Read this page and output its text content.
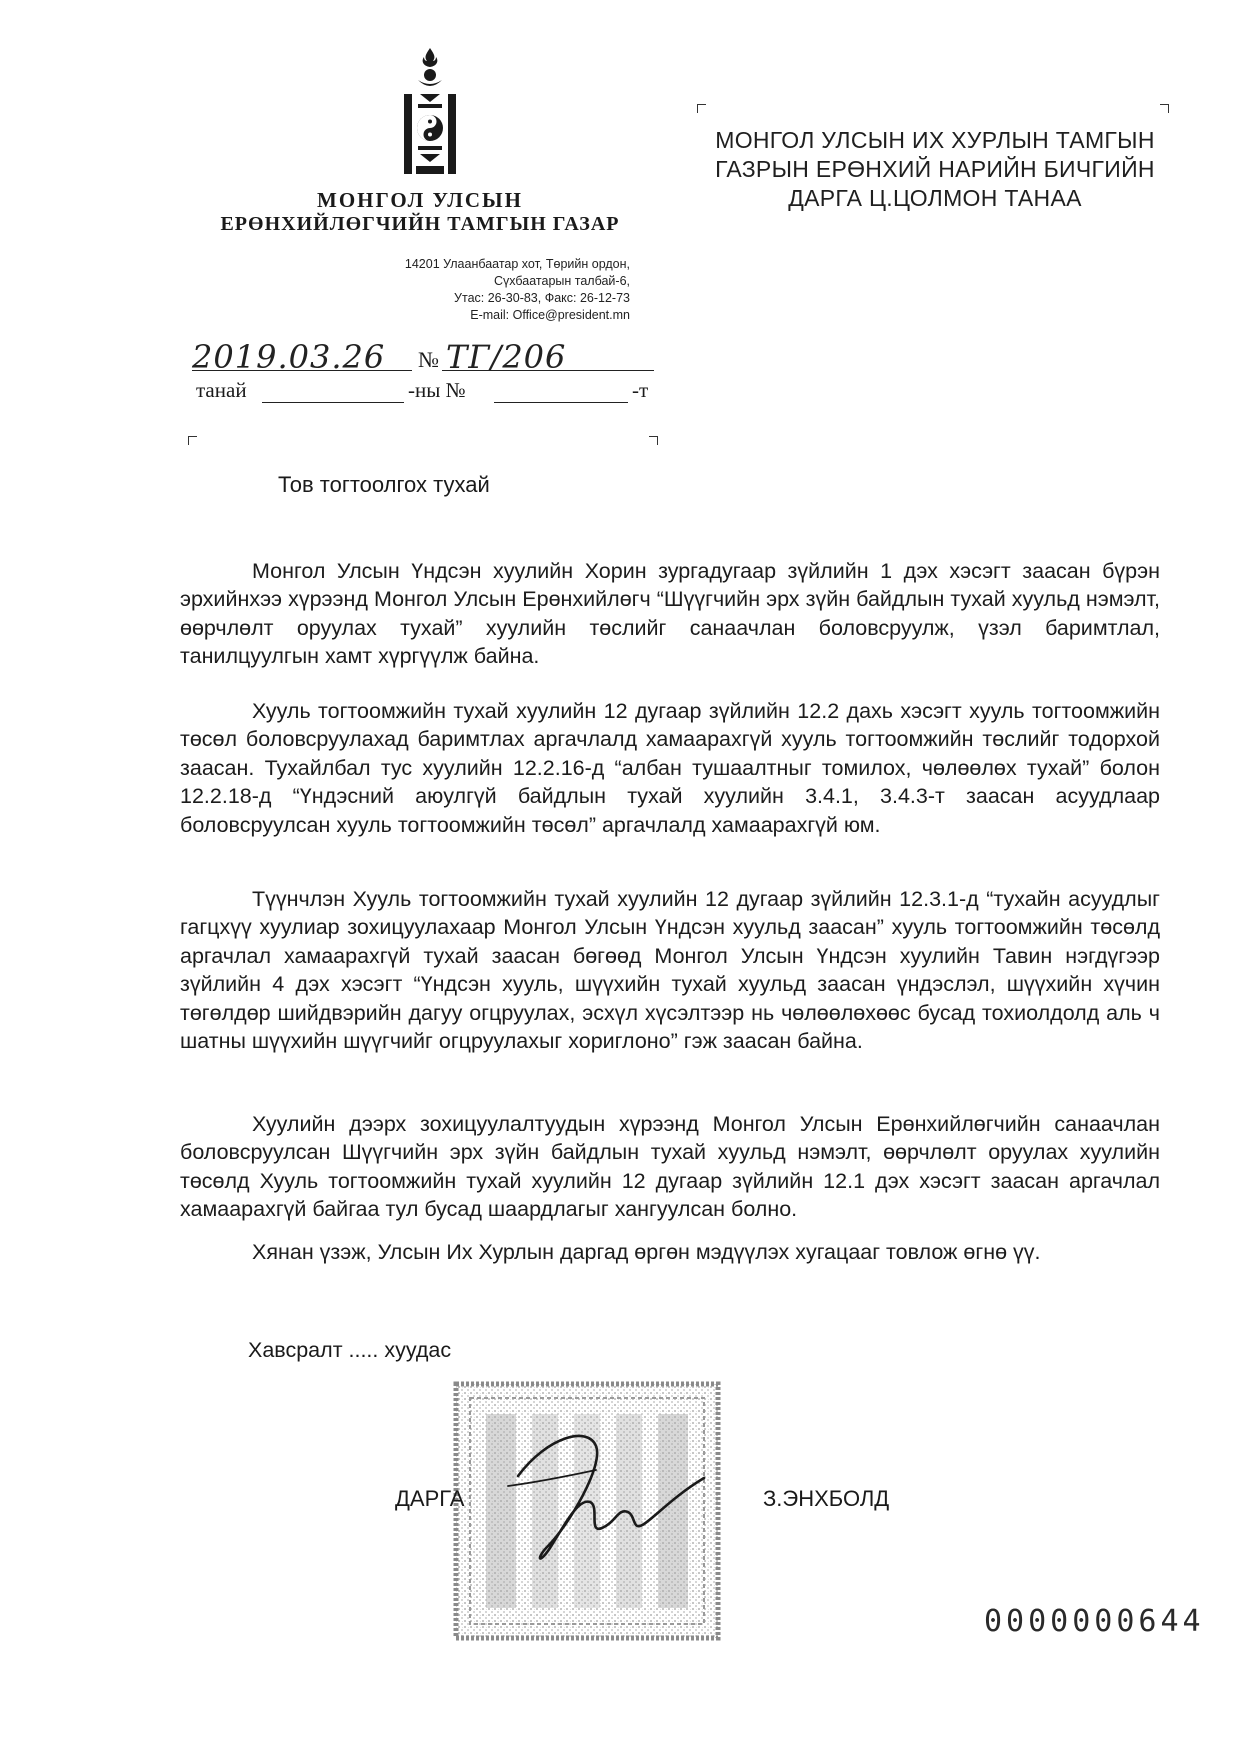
МОНГОЛ УЛСЫН
ЕРӨНХИЙЛӨГЧИЙН ТАМГЫН ГАЗАР
14201 Улаанбаатар хот, Төрийн ордон,
Сүхбаатарын талбай-6,
Утас: 26-30-83, Факс: 26-12-73
E-mail: Office@president.mn
2019.03.26 № ТГ/206
танай	-ны №	-т
МОНГОЛ УЛСЫН ИХ ХУРЛЫН ТАМГЫН
ГАЗРЫН ЕРӨНХИЙ НАРИЙН БИЧГИЙН
ДАРГА Ц.ЦОЛМОН ТАНАА
Тов тогтоолгох тухай
Монгол Улсын Үндсэн хуулийн Хорин зургадугаар зүйлийн 1 дэх хэсэгт заасан бүрэн эрхийнхээ хүрээнд Монгол Улсын Ерөнхийлөгч “Шүүгчийн эрх зүйн байдлын тухай хуульд нэмэлт, өөрчлөлт оруулах тухай” хуулийн төслийг санаачлан боловсруулж, үзэл баримтлал, танилцуулгын хамт хүргүүлж байна.
Хууль тогтоомжийн тухай хуулийн 12 дугаар зүйлийн 12.2 дахь хэсэгт хууль тогтоомжийн төсөл боловсруулахад баримтлах аргачлалд хамаарахгүй хууль тогтоомжийн төслийг тодорхой заасан. Тухайлбал тус хуулийн 12.2.16-д “албан тушаалтныг томилох, чөлөөлөх тухай” болон 12.2.18-д “Үндэсний аюулгүй байдлын тухай хуулийн 3.4.1, 3.4.3-т заасан асуудлаар боловсруулсан хууль тогтоомжийн төсөл” аргачлалд хамаарахгүй юм.
Түүнчлэн Хууль тогтоомжийн тухай хуулийн 12 дугаар зүйлийн 12.3.1-д “тухайн асуудлыг гагцхүү хуулиар зохицуулахаар Монгол Улсын Үндсэн хуульд заасан” хууль тогтоомжийн төсөлд аргачлал хамаарахгүй тухай заасан бөгөөд Монгол Улсын Үндсэн хуулийн Тавин нэгдүгээр зүйлийн 4 дэх хэсэгт “Үндсэн хууль, шүүхийн тухай хуульд заасан үндэслэл, шүүхийн хүчин төгөлдөр шийдвэрийн дагуу огцруулах, эсхүл хүсэлтээр нь чөлөөлөхөөс бусад тохиолдолд аль ч шатны шүүхийн шүүгчийг огцруулахыг хориглоно” гэж заасан байна.
Хуулийн дээрх зохицуулалтуудын хүрээнд Монгол Улсын Ерөнхийлөгчийн санаачлан боловсруулсан Шүүгчийн эрх зүйн байдлын тухай хуульд нэмэлт, өөрчлөлт оруулах хуулийн төсөлд Хууль тогтоомжийн тухай хуулийн 12 дугаар зүйлийн 12.1 дэх хэсэгт заасан аргачлал хамаарахгүй байгаа тул бусад шаардлагыг хангуулсан болно.
Хянан үзэж, Улсын Их Хурлын даргад өргөн мэдүүлэх хугацааг товлож өгнө үү.
Хавсралт ..... хуудас
ДАРГА	З.ЭНХБОЛД
0000000644
